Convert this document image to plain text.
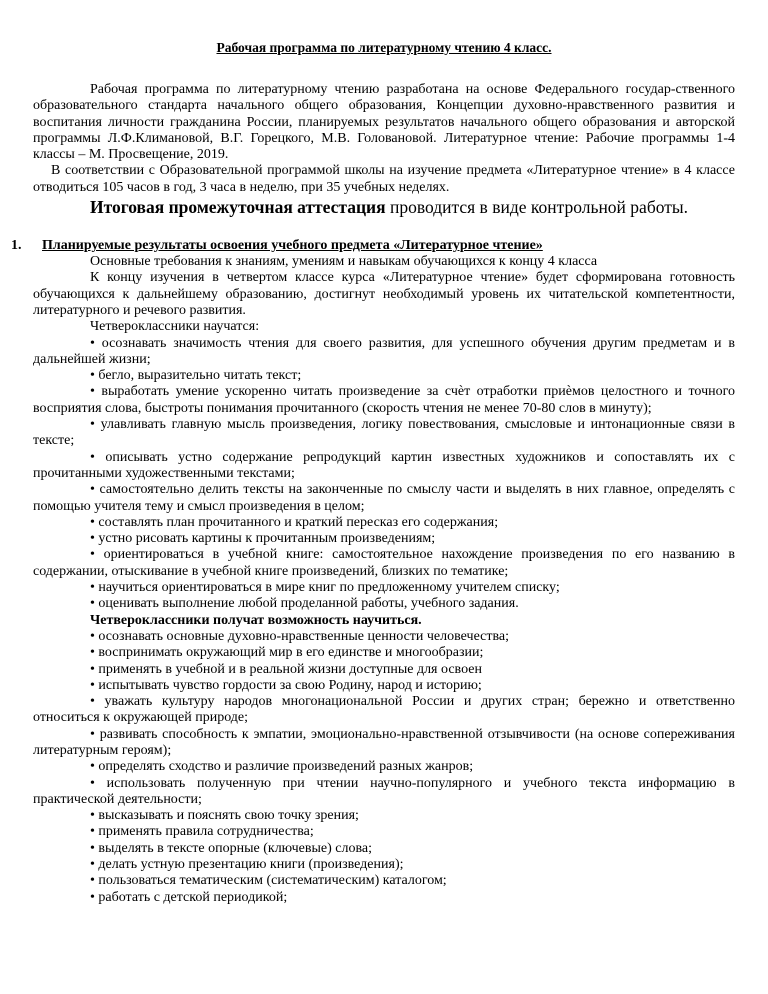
Рабочая программа по литературному чтению 4 класс.

Рабочая программа по литературному чтению разработана на основе Федерального государ-ственного образовательного стандарта начального общего образования, Концепции духовно-нравственного развития и воспитания личности гражданина России, планируемых результатов начального общего образования и авторской программы Л.Ф.Климановой, В.Г. Горецкого, М.В. Головановой. Литературное чтение: Рабочие программы 1-4 классы – М. Просвещение, 2019.

В соответствии с Образовательной программой школы на изучение предмета «Литературное чтение» в 4 классе отводиться 105 часов в год, 3 часа в неделю, при 35 учебных неделях.

Итоговая промежуточная аттестация проводится в виде контрольной работы.

1.	Планируемые результаты освоения учебного предмета «Литературное чтение»

Основные требования к знаниям, умениям и навыкам обучающихся к концу 4 класса

К концу изучения в четвертом классе курса «Литературное чтение» будет сформирована готовность обучающихся к дальнейшему образованию, достигнут необходимый уровень их читательской компетентности, литературного и речевого развития.

Четвероклассники научатся:

• осознавать значимость чтения для своего развития, для успешного обучения другим предметам и в дальнейшей жизни;

• бегло, выразительно читать текст;

• выработать умение ускоренно читать произведение за счѐт отработки приѐмов целостного и точного восприятия слова, быстроты понимания прочитанного (скорость чтения не менее 70-80 слов в минуту);

• улавливать главную мысль произведения, логику повествования, смысловые и интонационные связи в тексте;

• описывать устно содержание репродукций картин известных художников и сопоставлять их с прочитанными художественными текстами;

• самостоятельно делить тексты на законченные по смыслу части и выделять в них главное, определять с помощью учителя тему и смысл произведения в целом;

• составлять план прочитанного и краткий пересказ его содержания;

• устно рисовать картины к прочитанным произведениям;

• ориентироваться в учебной книге: самостоятельное нахождение произведения по его названию в содержании, отыскивание в учебной книге произведений, близких по тематике;

• научиться ориентироваться в мире книг по предложенному учителем списку;

• оценивать выполнение любой проделанной работы, учебного задания.

Четвероклассники получат возможность научиться.

• осознавать основные духовно-нравственные ценности человечества;

• воспринимать окружающий мир в его единстве и многообразии;

• применять в учебной и в реальной жизни доступные для освоен

• испытывать чувство гордости за свою Родину, народ и историю;

• уважать культуру народов многонациональной России и других стран; бережно и ответственно относиться к окружающей природе;

• развивать способность к эмпатии, эмоционально-нравственной отзывчивости (на основе сопереживания литературным героям);

• определять сходство и различие произведений разных жанров;

• использовать полученную при чтении научно-популярного и учебного текста информацию в практической деятельности;

• высказывать и пояснять свою точку зрения;

• применять правила сотрудничества;

• выделять в тексте опорные (ключевые) слова;

• делать устную презентацию книги (произведения);

• пользоваться тематическим (систематическим) каталогом;

• работать с детской периодикой;
